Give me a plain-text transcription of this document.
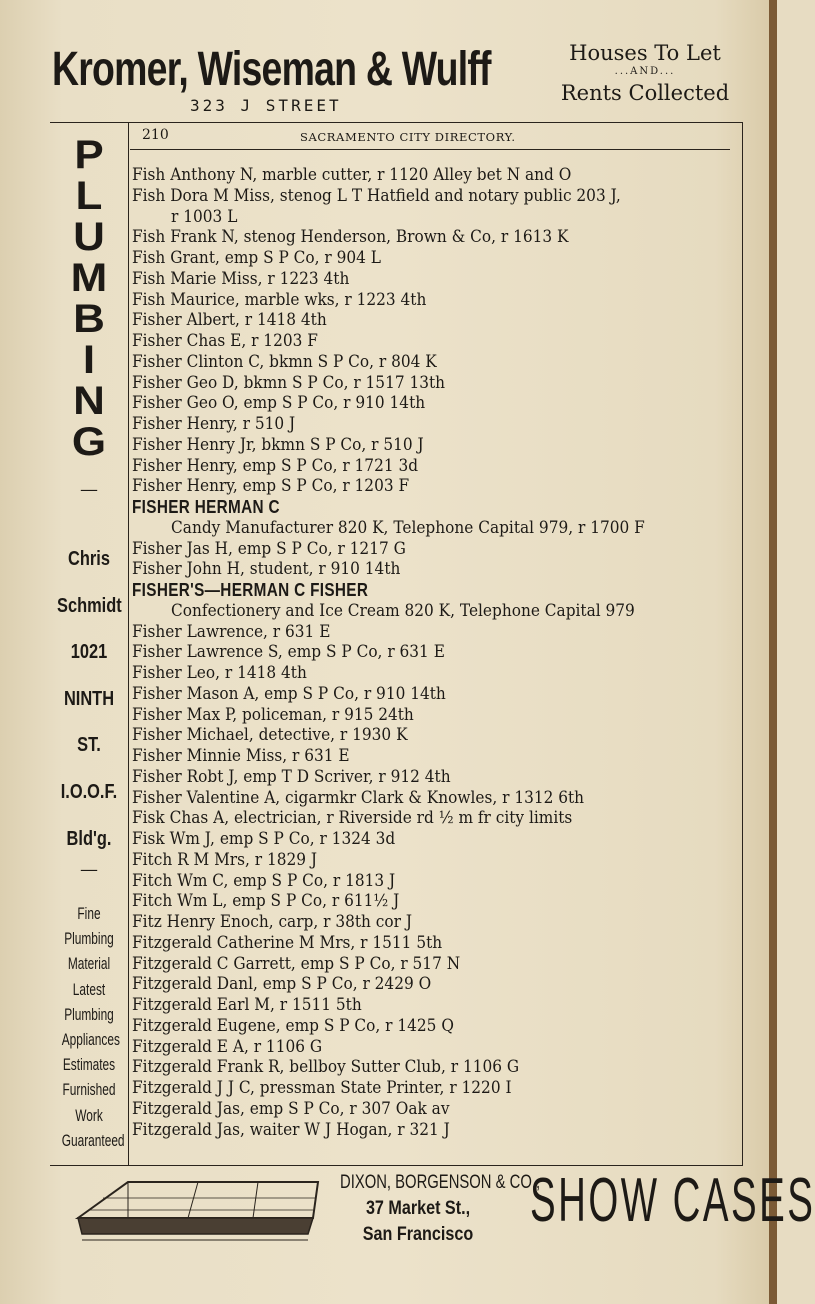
Kromer, Wiseman & Wulff
323 J STREET
Houses To Let
...AND...
Rents Collected
P
L
U
M
B
I
N
G
—
Chris
Schmidt
1021
NINTH
ST.
I.O.O.F.
Bld'g.
—
Fine
Plumbing
Material
Latest
Plumbing
Appliances
Estimates
Furnished
Work
Guaranteed
210	SACRAMENTO CITY DIRECTORY.
Fish Anthony N, marble cutter, r 1120 Alley bet N and O
Fish Dora M Miss, stenog L T Hatfield and notary public 203 J,
r 1003 L
Fish Frank N, stenog Henderson, Brown & Co, r 1613 K
Fish Grant, emp S P Co, r 904 L
Fish Marie Miss, r 1223 4th
Fish Maurice, marble wks, r 1223 4th
Fisher Albert, r 1418 4th
Fisher Chas E, r 1203 F
Fisher Clinton C, bkmn S P Co, r 804 K
Fisher Geo D, bkmn S P Co, r 1517 13th
Fisher Geo O, emp S P Co, r 910 14th
Fisher Henry, r 510 J
Fisher Henry Jr, bkmn S P Co, r 510 J
Fisher Henry, emp S P Co, r 1721 3d
Fisher Henry, emp S P Co, r 1203 F
FISHER HERMAN C
Candy Manufacturer 820 K, Telephone Capital 979, r 1700 F
Fisher Jas H, emp S P Co, r 1217 G
Fisher John H, student, r 910 14th
FISHER'S—HERMAN C FISHER
Confectionery and Ice Cream 820 K, Telephone Capital 979
Fisher Lawrence, r 631 E
Fisher Lawrence S, emp S P Co, r 631 E
Fisher Leo, r 1418 4th
Fisher Mason A, emp S P Co, r 910 14th
Fisher Max P, policeman, r 915 24th
Fisher Michael, detective, r 1930 K
Fisher Minnie Miss, r 631 E
Fisher Robt J, emp T D Scriver, r 912 4th
Fisher Valentine A, cigarmkr Clark & Knowles, r 1312 6th
Fisk Chas A, electrician, r Riverside rd ½ m fr city limits
Fisk Wm J, emp S P Co, r 1324 3d
Fitch R M Mrs, r 1829 J
Fitch Wm C, emp S P Co, r 1813 J
Fitch Wm L, emp S P Co, r 611½ J
Fitz Henry Enoch, carp, r 38th cor J
Fitzgerald Catherine M Mrs, r 1511 5th
Fitzgerald C Garrett, emp S P Co, r 517 N
Fitzgerald Danl, emp S P Co, r 2429 O
Fitzgerald Earl M, r 1511 5th
Fitzgerald Eugene, emp S P Co, r 1425 Q
Fitzgerald E A, r 1106 G
Fitzgerald Frank R, bellboy Sutter Club, r 1106 G
Fitzgerald J J C, pressman State Printer, r 1220 I
Fitzgerald Jas, emp S P Co, r 307 Oak av
Fitzgerald Jas, waiter W J Hogan, r 321 J
DIXON, BORGENSON & CO.,
37 Market St.,
San Francisco SHOW CASES
